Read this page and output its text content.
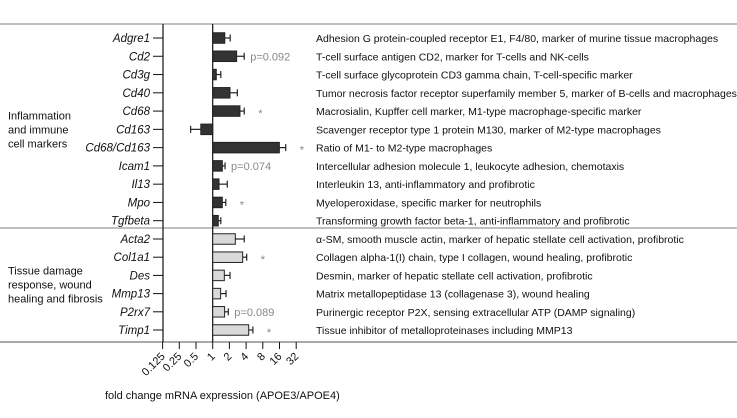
Inflammation
and immune
cell markers
Adgre1	Adhesion G protein-coupled receptor E1, F4/80, marker of murine tissue macrophages
Cd2	p=0.092 T-cell surface antigen CD2, marker for T-cells and NK-cells
Cd3g	T-cell surface glycoprotein CD3 gamma chain, T-cell-specific marker
Cd40	Tumor necrosis factor receptor superfamily member 5, marker of B-cells and macrophages
Cd68	*	Macrosialin, Kupffer cell marker, M1-type macrophage-specific marker
Cd163	Scavenger receptor type 1 protein M130, marker of M2-type macrophages
Cd68/Cd163	* Ratio of M1- to M2-type macrophages
Icam1	p=0.074	Intercellular adhesion molecule 1, leukocyte adhesion, chemotaxis
Il13	Interleukin 13, anti-inflammatory and profibrotic
Mpo	*	Myeloperoxidase, specific marker for neutrophils
Tgfbeta	Transforming growth factor beta-1, anti-inflammatory and profibrotic
Tissue damage
response, wound
healing and fibrosis
Acta2	α-SM, smooth muscle actin, marker of hepatic stellate cell activation, profibrotic
Col1a1	*	Collagen alpha-1(I) chain, type I collagen, wound healing, profibrotic
Des	Desmin, marker of hepatic stellate cell activation, profibrotic
Mmp13	Matrix metallopeptidase 13 (collagenase 3), wound healing
P2rx7	p=0.089	Purinergic receptor P2X, sensing extracellular ATP (DAMP signaling)
Timp1	*	Tissue inhibitor of metalloproteinases including MMP13
0.125
0.25
0.5 1 2 4 8 16 32
fold change mRNA expression (APOE3/APOE4)
